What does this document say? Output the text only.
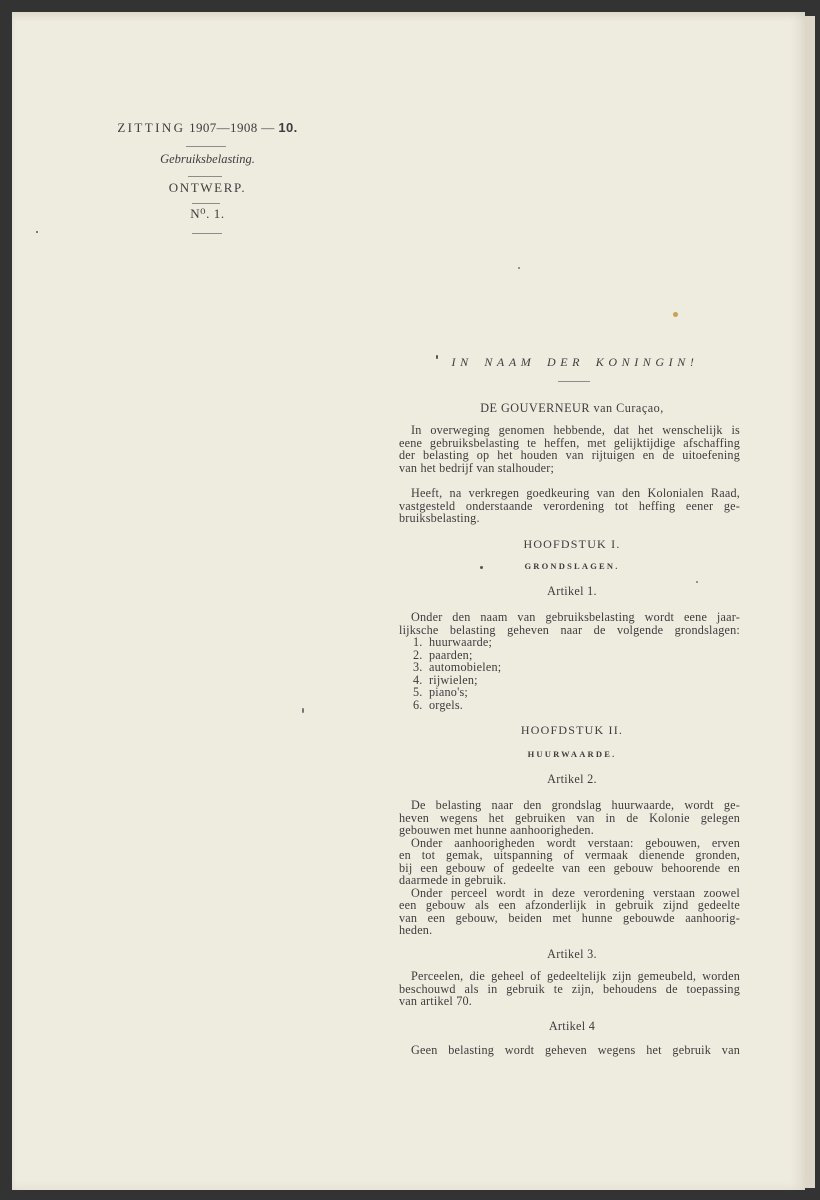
ZITTING 1907—1908 — 10.
Gebruiksbelasting.
ONTWERP.
N⁰. 1.
IN NAAM DER KONINGIN!
DE GOUVERNEUR van Curaçao,
In overweging genomen hebbende, dat het wenschelijk is
eene gebruiksbelasting te heffen, met gelijktijdige afschaffing
der belasting op het houden van rijtuigen en de uitoefening
van het bedrijf van stalhouder;
Heeft, na verkregen goedkeuring van den Kolonialen Raad,
vastgesteld onderstaande verordening tot heffing eener ge-
bruiksbelasting.
HOOFDSTUK I.
GRONDSLAGEN.
Artikel 1.
Onder den naam van gebruiksbelasting wordt eene jaar-
lijksche belasting geheven naar de volgende grondslagen:
1. huurwaarde;
2. paarden;
3. automobielen;
4. rijwielen;
5. piano's;
6. orgels.
HOOFDSTUK II.
HUURWAARDE.
Artikel 2.
De belasting naar den grondslag huurwaarde, wordt ge-
heven wegens het gebruiken van in de Kolonie gelegen
gebouwen met hunne aanhoorigheden.
Onder aanhoorigheden wordt verstaan: gebouwen, erven
en tot gemak, uitspanning of vermaak dienende gronden,
bij een gebouw of gedeelte van een gebouw behoorende en
daarmede in gebruik.
Onder perceel wordt in deze verordening verstaan zoowel
een gebouw als een afzonderlijk in gebruik zijnd gedeelte
van een gebouw, beiden met hunne gebouwde aanhoorig-
heden.
Artikel 3.
Perceelen, die geheel of gedeeltelijk zijn gemeubeld, worden
beschouwd als in gebruik te zijn, behoudens de toepassing
van artikel 70.
Artikel 4
Geen belasting wordt geheven wegens het gebruik van
